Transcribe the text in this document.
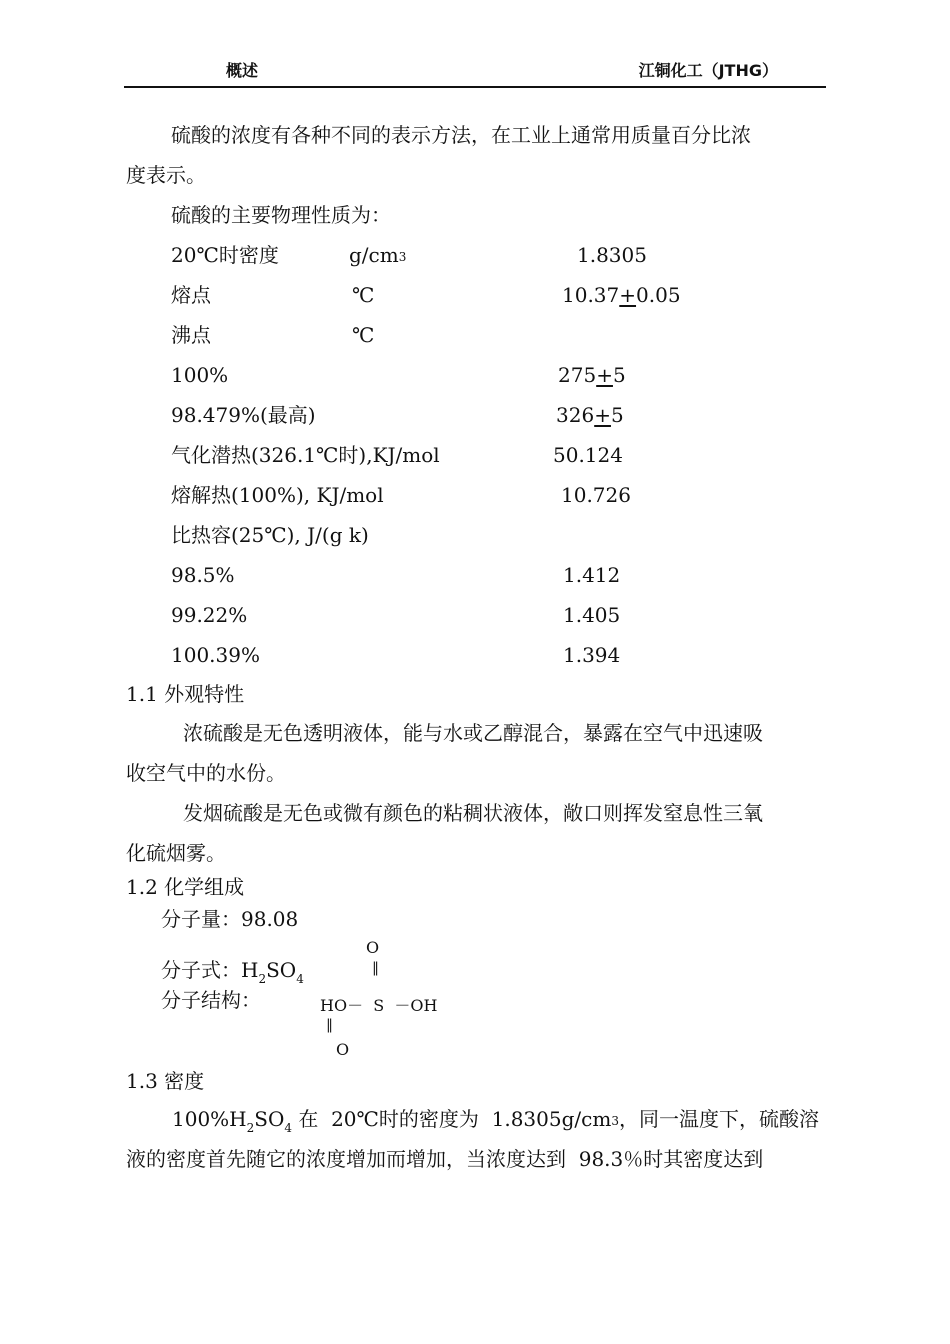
概述	江铜化工（JTHG）
硫酸的浓度有各种不同的表示方法，在工业上通常用质量百分比浓
度表示。
硫酸的主要物理性质为：
20℃时密度	g/cm3	1.8305
熔点	℃	10.37+0.05
沸点	℃
100%	275+5
98.479%(最高)	326+5
气化潜热(326.1℃时),KJ/mol	50.124
熔解热(100%), KJ/mol	10.726
比热容(25℃), J/(g k)
98.5%	1.412
99.22%	1.405
100.39%	1.394
1.1 外观特性
浓硫酸是无色透明液体，能与水或乙醇混合，暴露在空气中迅速吸
收空气中的水份。
发烟硫酸是无色或微有颜色的粘稠状液体，敞口则挥发窒息性三氧
化硫烟雾。
1.2 化学组成
分子量：98.08
分子式：$H_2SO_4$
分子结构：
O
‖
HO－  S  －OH
‖
O
1.3 密度
$100\%H_2SO_4$ 在  20℃时的密度为  1.8305g/cm3，同一温度下，硫酸溶
液的密度首先随它的浓度增加而增加，当浓度达到  98.3％时其密度达到
